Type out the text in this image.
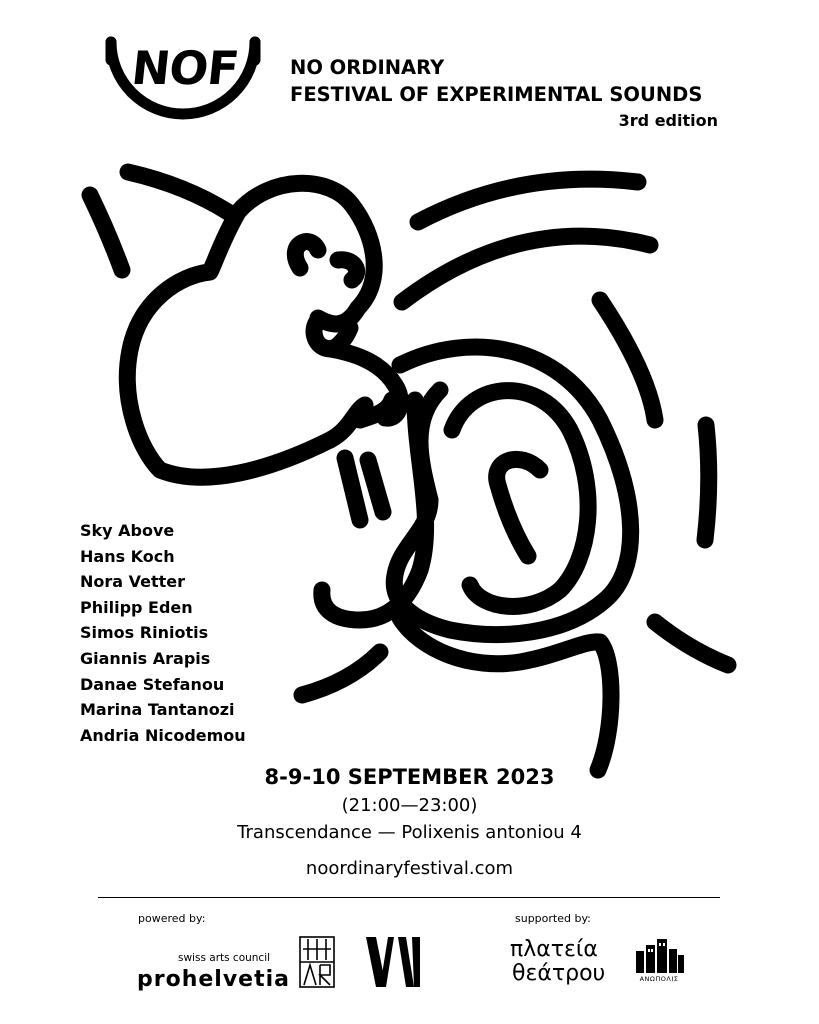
NOF	NO ORDINARY
FESTIVAL OF EXPERIMENTAL SOUNDS
3rd edition
Sky Above
Hans Koch
Nora Vetter
Philipp Eden
Simos Riniotis
Giannis Arapis
Danae Stefanou
Marina Tantanozi
Andria Nicodemou
8-9-10 SEPTEMBER 2023
(21:00—23:00)
Transcendance — Polixenis antoniou 4
noordinaryfestival.com
powered by:	supported by:
swiss arts council
prohelvetia
πλατεία
θεάτρου	ΑΝΩΠΟΛΙΣ
